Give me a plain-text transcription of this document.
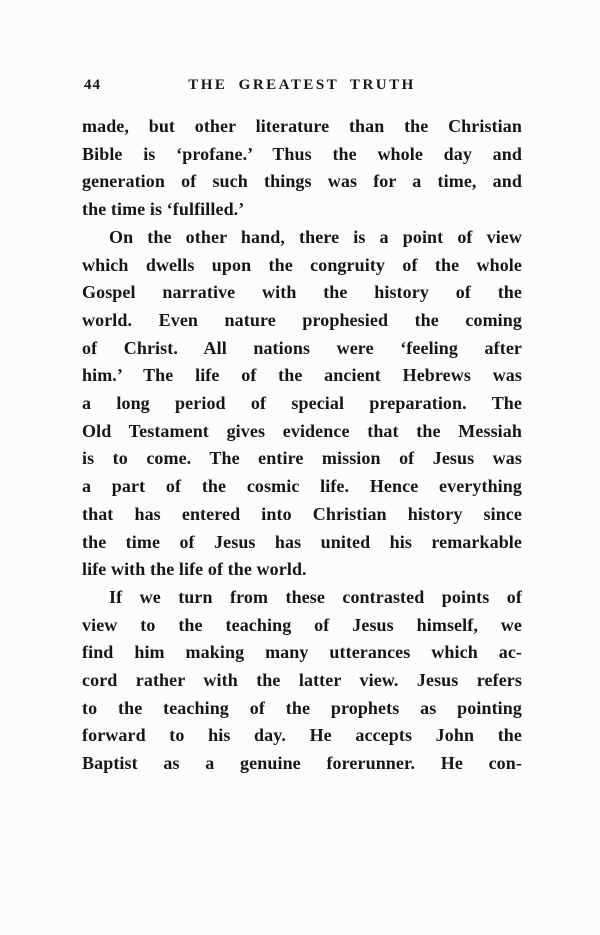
44	THE GREATEST TRUTH
made, but other literature than the Christian
Bible is ‘profane.’ Thus the whole day and
generation of such things was for a time, and
the time is ‘fulfilled.’
On the other hand, there is a point of view
which dwells upon the congruity of the whole
Gospel narrative with the history of the
world. Even nature prophesied the coming
of Christ. All nations were ‘feeling after
him.’ The life of the ancient Hebrews was
a long period of special preparation. The
Old Testament gives evidence that the Messiah
is to come. The entire mission of Jesus was
a part of the cosmic life. Hence everything
that has entered into Christian history since
the time of Jesus has united his remarkable
life with the life of the world.
If we turn from these contrasted points of
view to the teaching of Jesus himself, we
find him making many utterances which ac-
cord rather with the latter view. Jesus refers
to the teaching of the prophets as pointing
forward to his day. He accepts John the
Baptist as a genuine forerunner. He con-
